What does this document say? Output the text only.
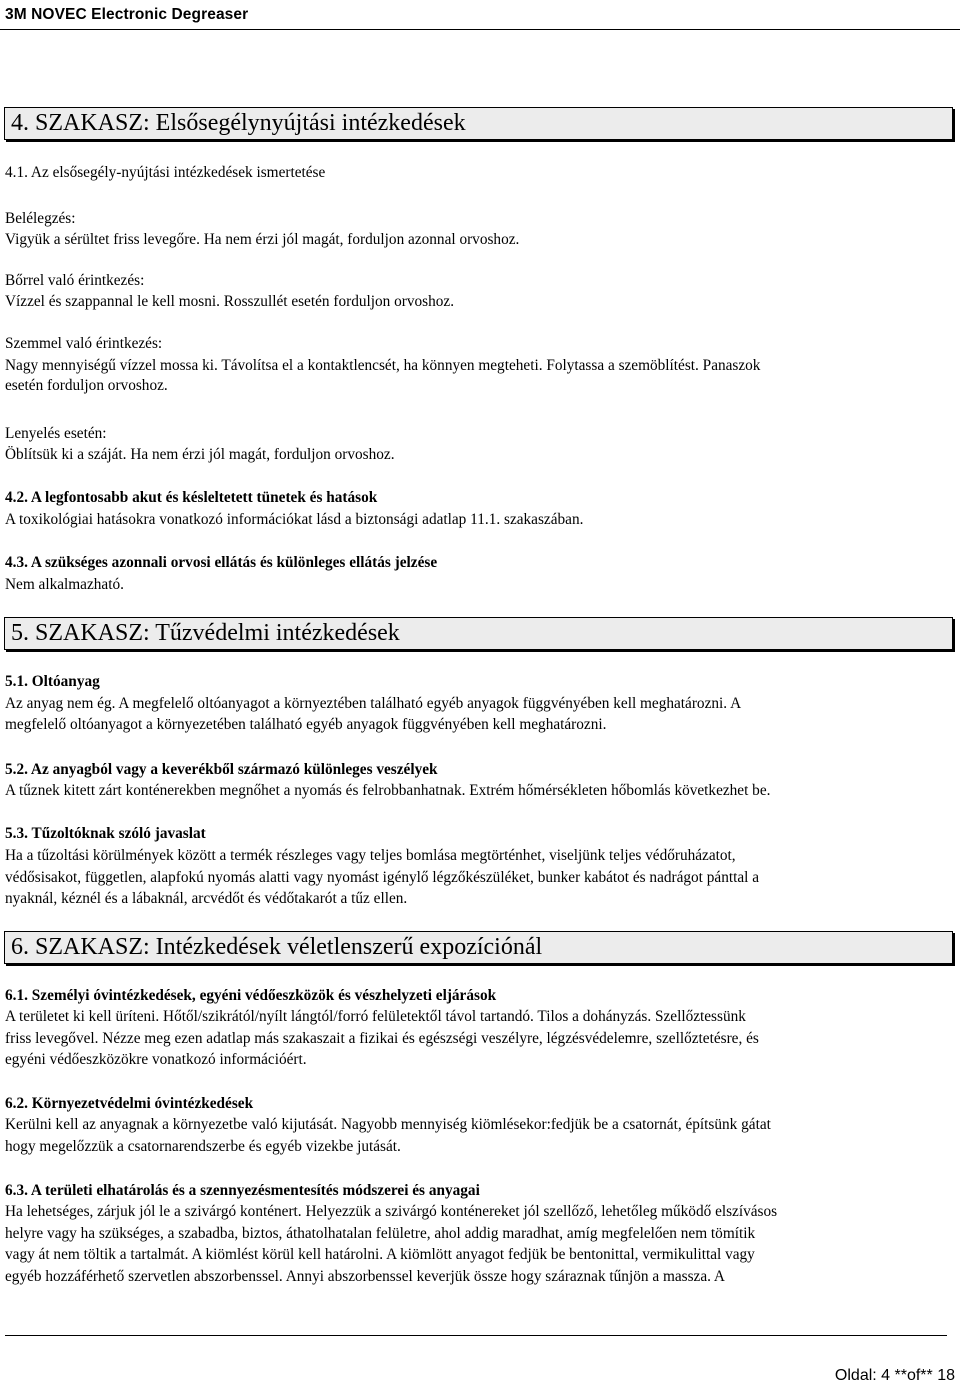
3M NOVEC Electronic Degreaser
4. SZAKASZ: Elsősegélynyújtási intézkedések
4.1. Az elsősegély-nyújtási intézkedések ismertetése
Belélegzés:
Vigyük a sérültet friss levegőre. Ha nem érzi jól magát, forduljon azonnal orvoshoz.
Bőrrel való érintkezés:
Vízzel és szappannal le kell mosni. Rosszullét esetén forduljon orvoshoz.
Szemmel való érintkezés:
Nagy mennyiségű vízzel mossa ki. Távolítsa el a kontaktlencsét, ha könnyen megteheti. Folytassa a szemöblítést. Panaszok
esetén forduljon orvoshoz.
Lenyelés esetén:
Öblítsük ki a száját. Ha nem érzi jól magát, forduljon orvoshoz.
4.2. A legfontosabb akut és késleltetett tünetek és hatások
A toxikológiai hatásokra vonatkozó információkat lásd a biztonsági adatlap 11.1. szakaszában.
4.3. A szükséges azonnali orvosi ellátás és különleges ellátás jelzése
Nem alkalmazható.
5. SZAKASZ: Tűzvédelmi intézkedések
5.1. Oltóanyag
Az anyag nem ég. A megfelelő oltóanyagot a környeztében található egyéb anyagok függvényében kell meghatározni. A
megfelelő oltóanyagot a környezetében található egyéb anyagok függvényében kell meghatározni.
5.2. Az anyagból vagy a keverékből származó különleges veszélyek
A tűznek kitett zárt konténerekben megnőhet a nyomás és felrobbanhatnak. Extrém hőmérsékleten hőbomlás következhet be.
5.3. Tűzoltóknak szóló javaslat
Ha a tűzoltási körülmények között a termék részleges vagy teljes bomlása megtörténhet, viseljünk teljes védőruházatot,
védősisakot, független, alapfokú nyomás alatti vagy nyomást igénylő légzőkészüléket, bunker kabátot és nadrágot pánttal a
nyaknál, kéznél és a lábaknál, arcvédőt és védőtakarót a tűz ellen.
6. SZAKASZ: Intézkedések véletlenszerű expozíciónál
6.1. Személyi óvintézkedések, egyéni védőeszközök és vészhelyzeti eljárások
A területet ki kell üríteni. Hőtől/szikrától/nyílt lángtól/forró felületektől távol tartandó. Tilos a dohányzás. Szellőztessünk
friss levegővel. Nézze meg ezen adatlap más szakaszait a fizikai és egészségi veszélyre, légzésvédelemre, szellőztetésre, és
egyéni védőeszközökre vonatkozó információért.
6.2. Környezetvédelmi óvintézkedések
Kerülni kell az anyagnak a környezetbe való kijutását. Nagyobb mennyiség kiömlésekor:fedjük be a csatornát, építsünk gátat
hogy megelőzzük a csatornarendszerbe és egyéb vizekbe jutását.
6.3. A területi elhatárolás és a szennyezésmentesítés módszerei és anyagai
Ha lehetséges, zárjuk jól le a szivárgó konténert. Helyezzük a szivárgó konténereket jól szellőző, lehetőleg működő elszívásos
helyre vagy ha szükséges, a szabadba, biztos, áthatolhatalan felületre, ahol addig maradhat, amíg megfelelően nem tömítik
vagy át nem töltik a tartalmát. A kiömlést körül kell határolni. A kiömlött anyagot fedjük be bentonittal, vermikulittal vagy
egyéb hozzáférhető szervetlen abszorbenssel. Annyi abszorbenssel keverjük össze hogy száraznak tűnjön a massza. A
Oldal: 4 **of** 18
